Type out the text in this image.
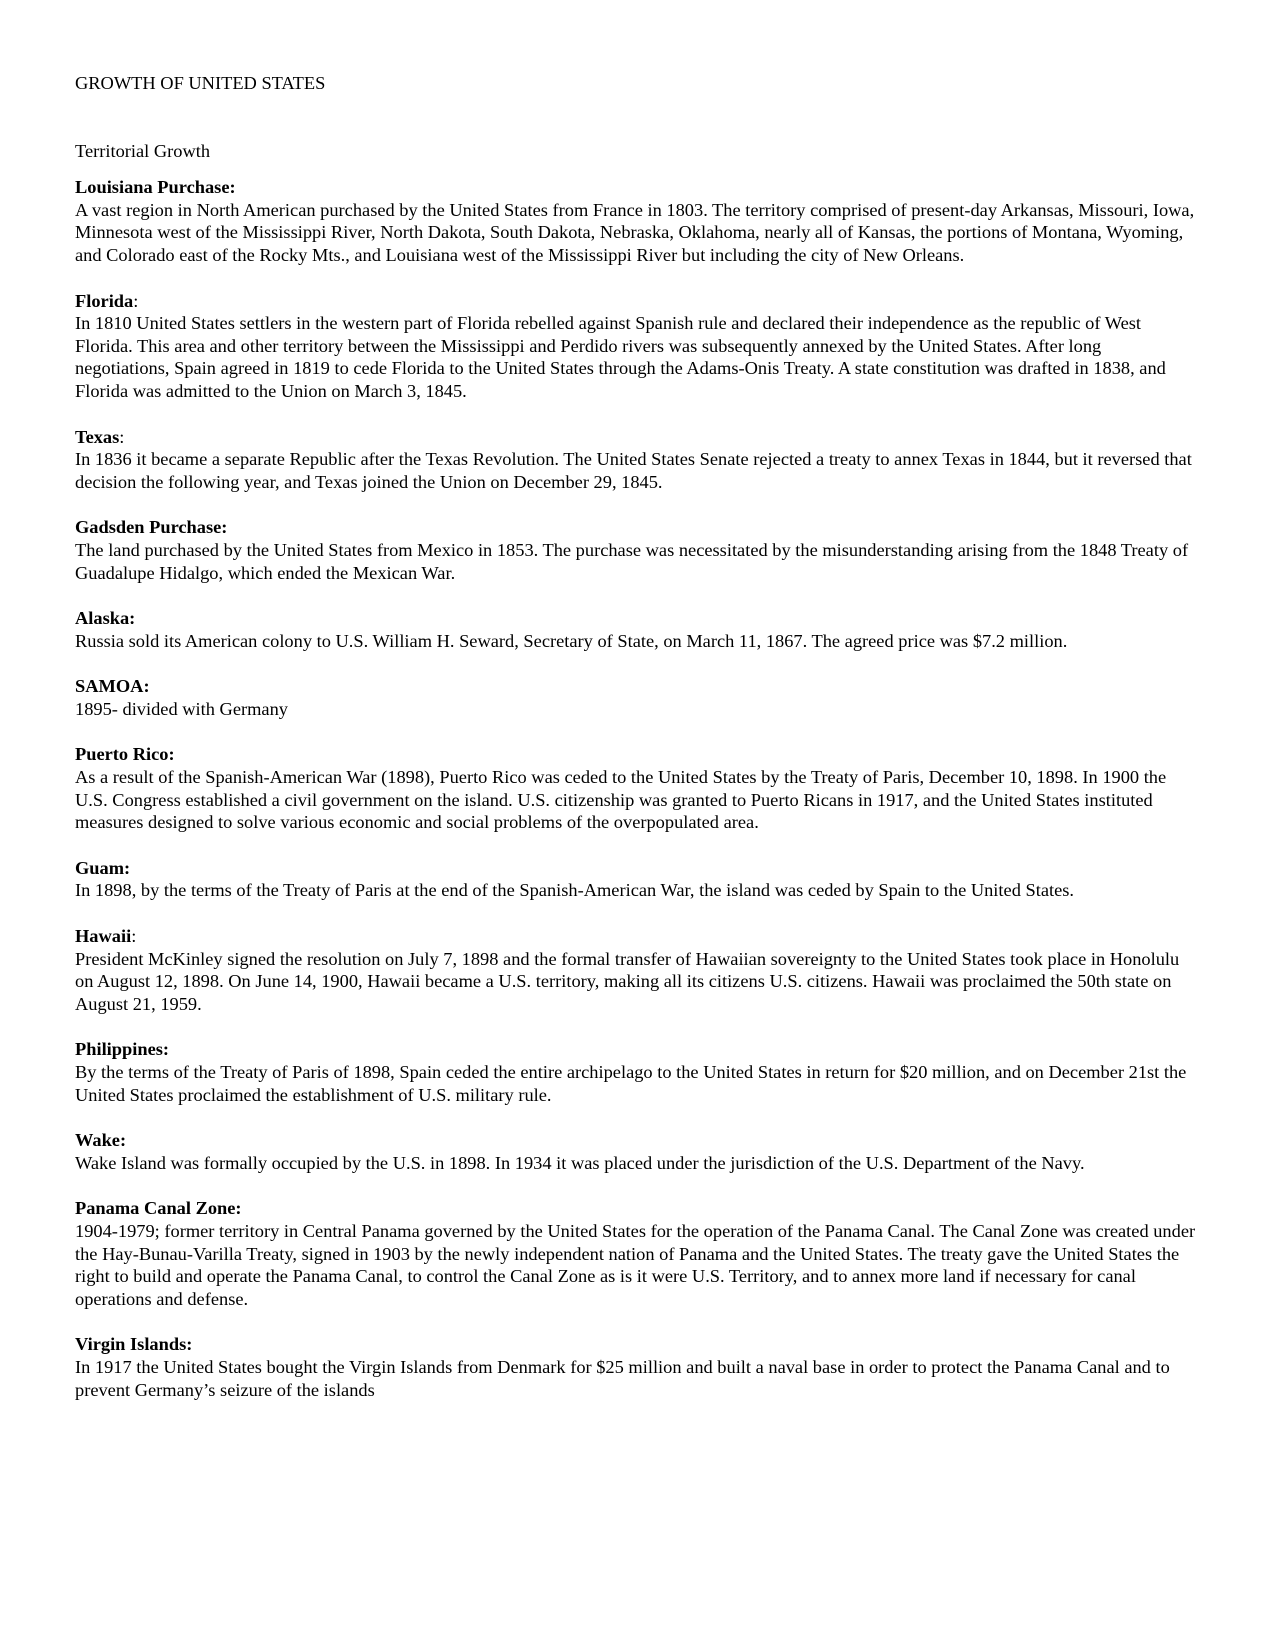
GROWTH OF UNITED STATES
Territorial Growth
Louisiana Purchase:

A vast region in North American purchased by the United States from France in 1803. The territory comprised of present-day Arkansas, Missouri, Iowa, Minnesota west of the Mississippi River, North Dakota, South Dakota, Nebraska, Oklahoma, nearly all of Kansas, the portions of Montana, Wyoming, and Colorado east of the Rocky Mts., and Louisiana west of the Mississippi River but including the city of New Orleans.

Florida:

In 1810 United States settlers in the western part of Florida rebelled against Spanish rule and declared their independence as the republic of West Florida. This area and other territory between the Mississippi and Perdido rivers was subsequently annexed by the United States. After long negotiations, Spain agreed in 1819 to cede Florida to the United States through the Adams-Onis Treaty. A state constitution was drafted in 1838, and Florida was admitted to the Union on March 3, 1845.

Texas:

In 1836 it became a separate Republic after the Texas Revolution. The United States Senate rejected a treaty to annex Texas in 1844, but it reversed that decision the following year, and Texas joined the Union on December 29, 1845.

Gadsden Purchase:

The land purchased by the United States from Mexico in 1853. The purchase was necessitated by the misunderstanding arising from the 1848 Treaty of Guadalupe Hidalgo, which ended the Mexican War.

Alaska:

Russia sold its American colony to U.S. William H. Seward, Secretary of State, on March 11, 1867. The agreed price was $7.2 million.

SAMOA:

1895- divided with Germany

Puerto Rico:

As a result of the Spanish-American War (1898), Puerto Rico was ceded to the United States by the Treaty of Paris, December 10, 1898. In 1900 the U.S. Congress established a civil government on the island. U.S. citizenship was granted to Puerto Ricans in 1917, and the United States instituted measures designed to solve various economic and social problems of the overpopulated area.

Guam:

In 1898, by the terms of the Treaty of Paris at the end of the Spanish-American War, the island was ceded by Spain to the United States.

Hawaii:

President McKinley signed the resolution on July 7, 1898 and the formal transfer of Hawaiian sovereignty to the United States took place in Honolulu on August 12, 1898. On June 14, 1900, Hawaii became a U.S. territory, making all its citizens U.S. citizens. Hawaii was proclaimed the 50th state on August 21, 1959.

Philippines:

By the terms of the Treaty of Paris of 1898, Spain ceded the entire archipelago to the United States in return for $20 million, and on December 21st the United States proclaimed the establishment of U.S. military rule.

Wake:

Wake Island was formally occupied by the U.S. in 1898. In 1934 it was placed under the jurisdiction of the U.S. Department of the Navy.

Panama Canal Zone:

1904-1979; former territory in Central Panama governed by the United States for the operation of the Panama Canal. The Canal Zone was created under the Hay-Bunau-Varilla Treaty, signed in 1903 by the newly independent nation of Panama and the United States. The treaty gave the United States the right to build and operate the Panama Canal, to control the Canal Zone as is it were U.S. Territory, and to annex more land if necessary for canal operations and defense.

Virgin Islands:

In 1917 the United States bought the Virgin Islands from Denmark for $25 million and built a naval base in order to protect the Panama Canal and to prevent Germany’s seizure of the islands
